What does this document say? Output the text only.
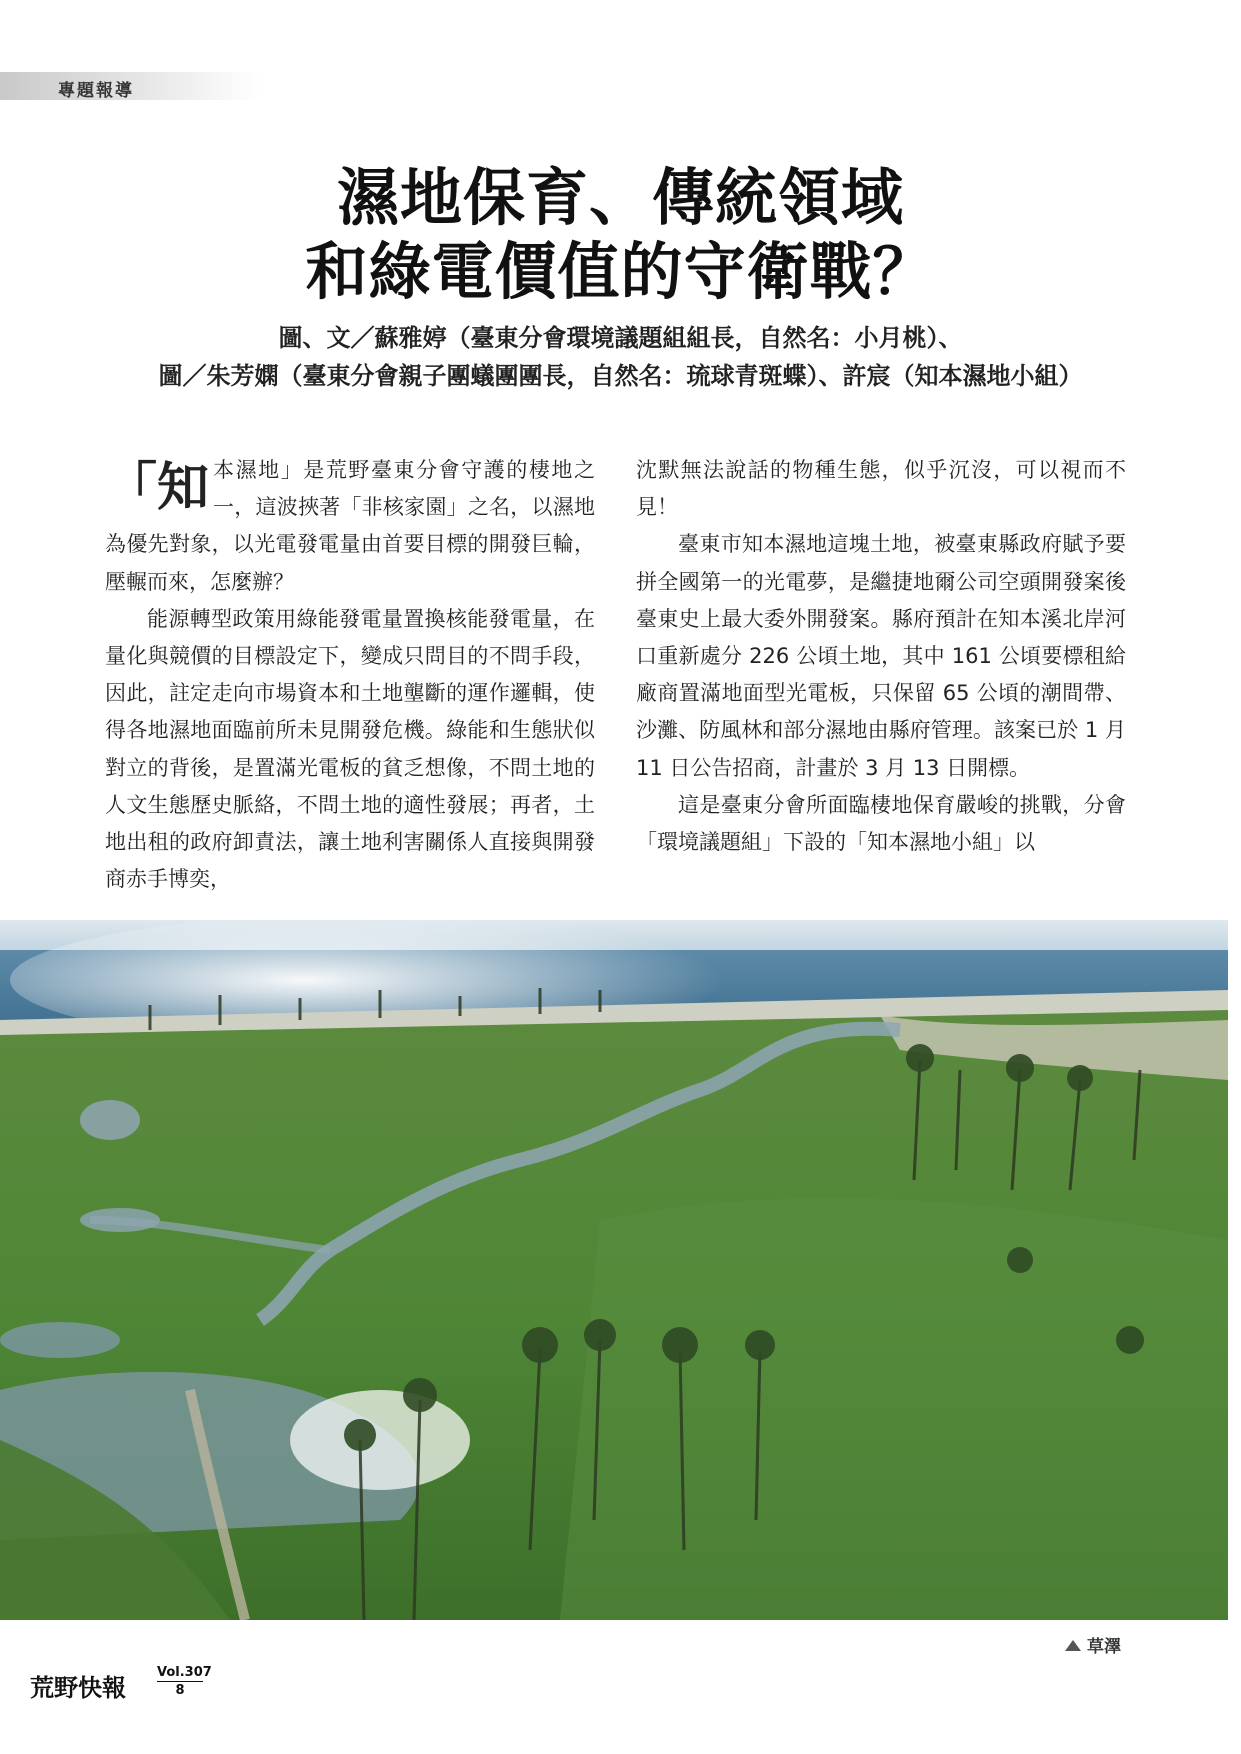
專題報導
濕地保育、傳統領域
和綠電價值的守衛戰？
圖、文／蘇雅婷（臺東分會環境議題組組長，自然名：小月桃）、
圖／朱芳嫻（臺東分會親子團蟻團團長，自然名：琉球青斑蝶）、許宸（知本濕地小組）

「知本濕地」是荒野臺東分會守護的棲地之一，這波挾著「非核家園」之名，以濕地為優先對象，以光電發電量由首要目標的開發巨輪，壓輾而來，怎麼辦？

能源轉型政策用綠能發電量置換核能發電量，在量化與競價的目標設定下，變成只問目的不問手段，因此，註定走向市場資本和土地壟斷的運作邏輯，使得各地濕地面臨前所未見開發危機。綠能和生態狀似對立的背後，是置滿光電板的貧乏想像，不問土地的人文生態歷史脈絡，不問土地的適性發展；再者，土地出租的政府卸責法，讓土地利害關係人直接與開發商赤手博奕，

沈默無法說話的物種生態，似乎沉沒，可以視而不見！

臺東市知本濕地這塊土地，被臺東縣政府賦予要拼全國第一的光電夢，是繼捷地爾公司空頭開發案後臺東史上最大委外開發案。縣府預計在知本溪北岸河口重新處分 226 公頃土地，其中 161 公頃要標租給廠商置滿地面型光電板，只保留 65 公頃的潮間帶、沙灘、防風林和部分濕地由縣府管理。該案已於 1 月 11 日公告招商，計畫於 3 月 13 日開標。

這是臺東分會所面臨棲地保育嚴峻的挑戰，分會「環境議題組」下設的「知本濕地小組」以

草澤
荒野快報
Vol.307
8
